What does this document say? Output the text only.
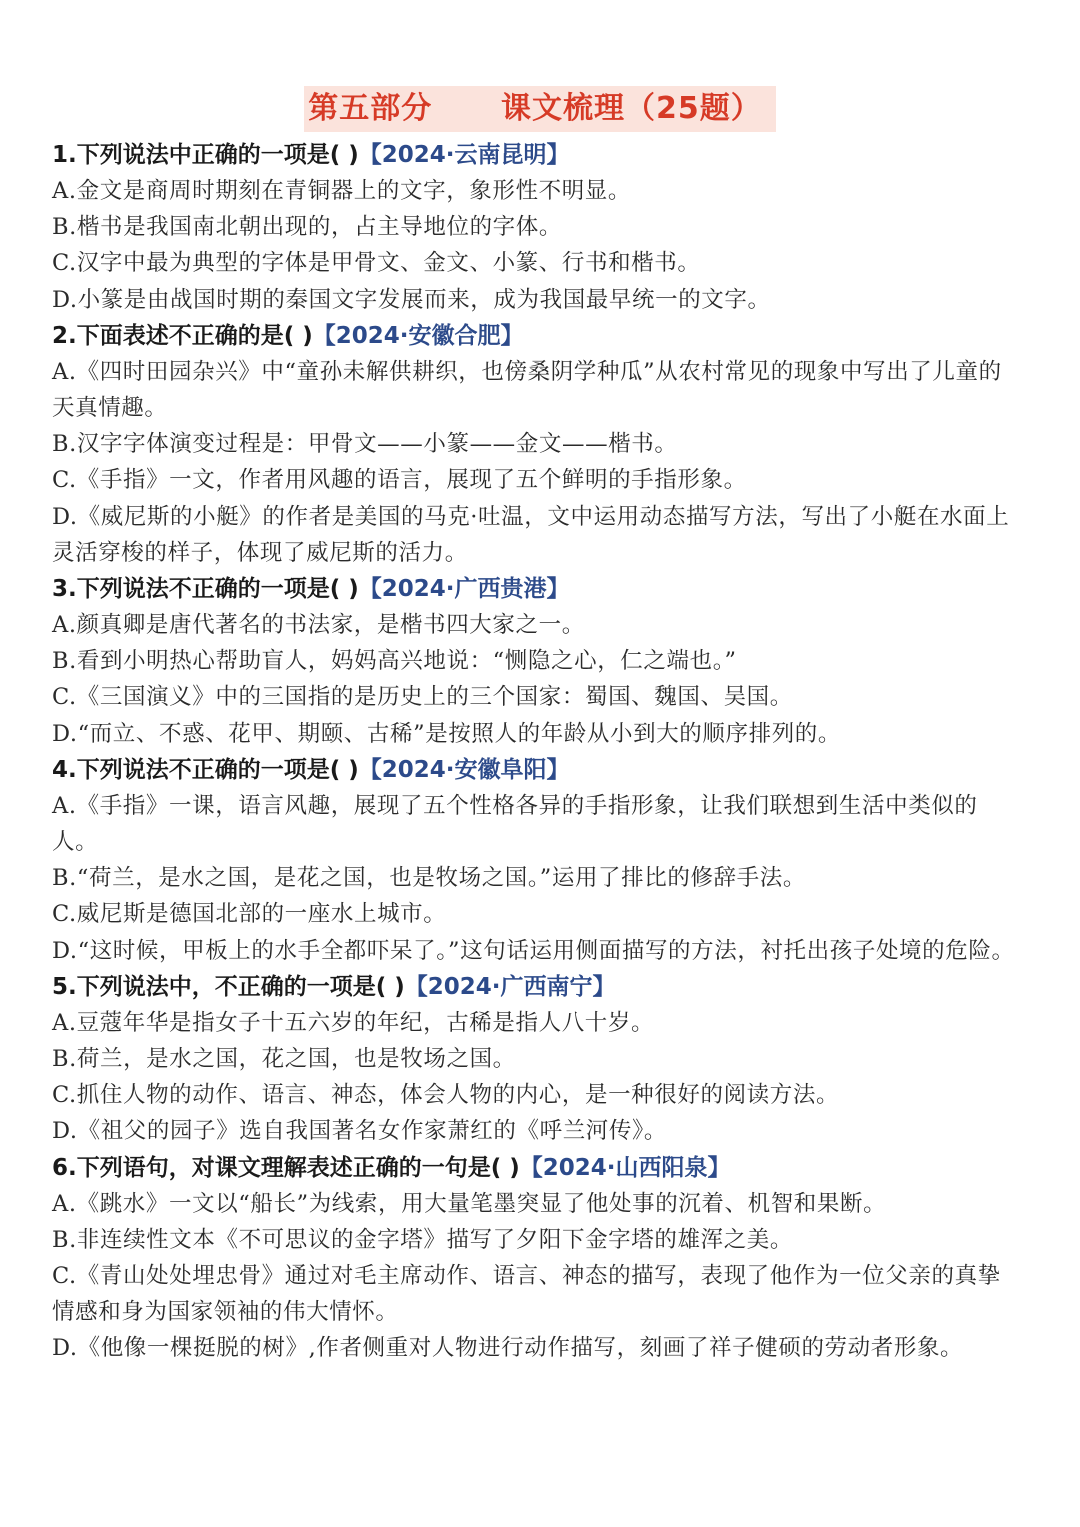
第五部分      课文梳理（25题）
1.下列说法中正确的一项是( )【2024·云南昆明】
A.金文是商周时期刻在青铜器上的文字，象形性不明显。
B.楷书是我国南北朝出现的，占主导地位的字体。
C.汉字中最为典型的字体是甲骨文、金文、小篆、行书和楷书。
D.小篆是由战国时期的秦国文字发展而来，成为我国最早统一的文字。
2.下面表述不正确的是( )【2024·安徽合肥】
A.《四时田园杂兴》中“童孙未解供耕织，也傍桑阴学种瓜”从农村常见的现象中写出了儿童的天真情趣。
B.汉字字体演变过程是：甲骨文——小篆——金文——楷书。
C.《手指》一文，作者用风趣的语言，展现了五个鲜明的手指形象。
D.《威尼斯的小艇》的作者是美国的马克·吐温，文中运用动态描写方法，写出了小艇在水面上灵活穿梭的样子，体现了威尼斯的活力。
3.下列说法不正确的一项是( )【2024·广西贵港】
A.颜真卿是唐代著名的书法家，是楷书四大家之一。
B.看到小明热心帮助盲人，妈妈高兴地说：“恻隐之心，仁之端也。”
C.《三国演义》中的三国指的是历史上的三个国家：蜀国、魏国、吴国。
D.“而立、不惑、花甲、期颐、古稀”是按照人的年龄从小到大的顺序排列的。
4.下列说法不正确的一项是( )【2024·安徽阜阳】
A.《手指》一课，语言风趣，展现了五个性格各异的手指形象，让我们联想到生活中类似的人。
B.“荷兰，是水之国，是花之国，也是牧场之国。”运用了排比的修辞手法。
C.威尼斯是德国北部的一座水上城市。
D.“这时候，甲板上的水手全都吓呆了。”这句话运用侧面描写的方法，衬托出孩子处境的危险。
5.下列说法中，不正确的一项是( )【2024·广西南宁】
A.豆蔻年华是指女子十五六岁的年纪，古稀是指人八十岁。
B.荷兰，是水之国，花之国，也是牧场之国。
C.抓住人物的动作、语言、神态，体会人物的内心，是一种很好的阅读方法。
D.《祖父的园子》选自我国著名女作家萧红的《呼兰河传》。
6.下列语句，对课文理解表述正确的一句是( )【2024·山西阳泉】
A.《跳水》一文以“船长”为线索，用大量笔墨突显了他处事的沉着、机智和果断。
B.非连续性文本《不可思议的金字塔》描写了夕阳下金字塔的雄浑之美。
C.《青山处处埋忠骨》通过对毛主席动作、语言、神态的描写，表现了他作为一位父亲的真挚情感和身为国家领袖的伟大情怀。
D.《他像一棵挺脱的树》,作者侧重对人物进行动作描写，刻画了祥子健硕的劳动者形象。
